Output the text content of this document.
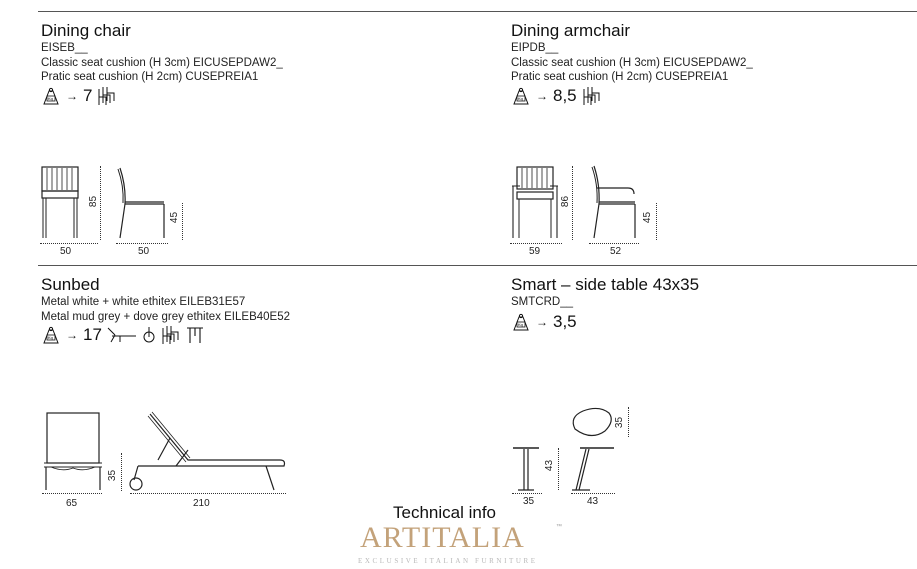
Dining chair
EISEB__
Classic seat cushion (H 3cm) EICUSEPDAW2_
Pratic seat cushion (H 2cm) CUSEPREIA1
Kg → 7
50
85
50
45
Dining armchair
EIPDB__
Classic seat cushion (H 3cm) EICUSEPDAW2_
Pratic seat cushion (H 2cm) CUSEPREIA1
Kg → 8,5
59
86
52
45
Sunbed
Metal white + white ethitex EILEB31E57
Metal mud grey + dove grey ethitex EILEB40E52
Kg → 17
65
35
210
Smart – side table 43x35
SMTCRD__
Kg → 3,5
35
35
43
43
Technical info
ARTITALIA	™
EXCLUSIVE ITALIAN FURNITURE
